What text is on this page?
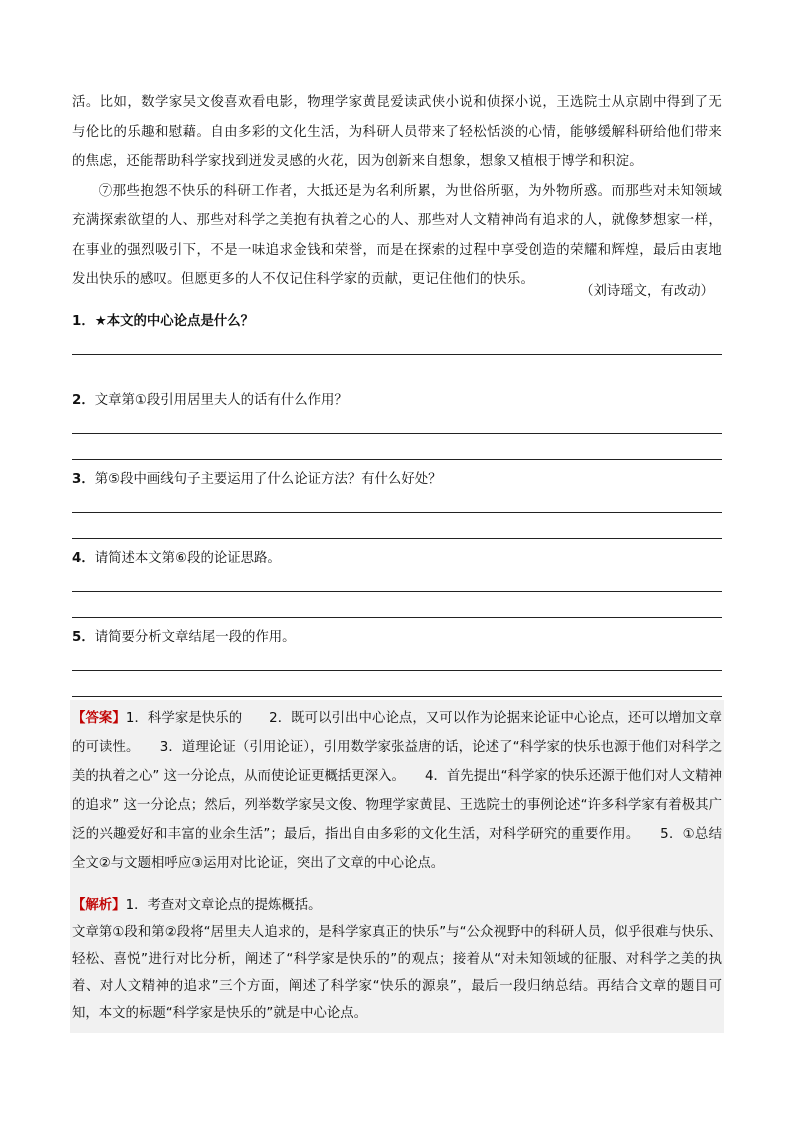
活。比如，数学家吴文俊喜欢看电影，物理学家黄昆爱读武侠小说和侦探小说，王选院士从京剧中得到了无与伦比的乐趣和慰藉。自由多彩的文化生活，为科研人员带来了轻松恬淡的心情，能够缓解科研给他们带来的焦虑，还能帮助科学家找到迸发灵感的火花，因为创新来自想象，想象又植根于博学和积淀。

⑦那些抱怨不快乐的科研工作者，大抵还是为名利所累，为世俗所驱，为外物所惑。而那些对未知领域充满探索欲望的人、那些对科学之美抱有执着之心的人、那些对人文精神尚有追求的人，就像梦想家一样，在事业的强烈吸引下，不是一味追求金钱和荣誉，而是在探索的过程中享受创造的荣耀和辉煌，最后由衷地发出快乐的感叹。但愿更多的人不仅记住科学家的贡献，更记住他们的快乐。

（刘诗瑶文，有改动）
1．★本文的中心论点是什么？
2．文章第①段引用居里夫人的话有什么作用？
3．第⑤段中画线句子主要运用了什么论证方法？有什么好处？
4．请简述本文第⑥段的论证思路。
5．请简要分析文章结尾一段的作用。

【答案】1．科学家是快乐的　　2．既可以引出中心论点，又可以作为论据来论证中心论点，还可以增加文章的可读性。　　3．道理论证（引用论证），引用数学家张益唐的话，论述了“科学家的快乐也源于他们对科学之美的执着之心” 这一分论点，从而使论证更概括更深入。　　4．首先提出“科学家的快乐还源于他们对人文精神的追求” 这一分论点；然后，列举数学家吴文俊、物理学家黄昆、王选院士的事例论述“许多科学家有着极其广泛的兴趣爱好和丰富的业余生活”；最后，指出自由多彩的文化生活，对科学研究的重要作用。　　5．①总结全文②与文题相呼应③运用对比论证，突出了文章的中心论点。

【解析】1．考查对文章论点的提炼概括。

文章第①段和第②段将“居里夫人追求的，是科学家真正的快乐”与“公众视野中的科研人员，似乎很难与快乐、轻松、喜悦”进行对比分析，阐述了“科学家是快乐的”的观点；接着从“对未知领域的征服、对科学之美的执着、对人文精神的追求”三个方面，阐述了科学家“快乐的源泉”，最后一段归纳总结。再结合文章的题目可知，本文的标题“科学家是快乐的”就是中心论点。
